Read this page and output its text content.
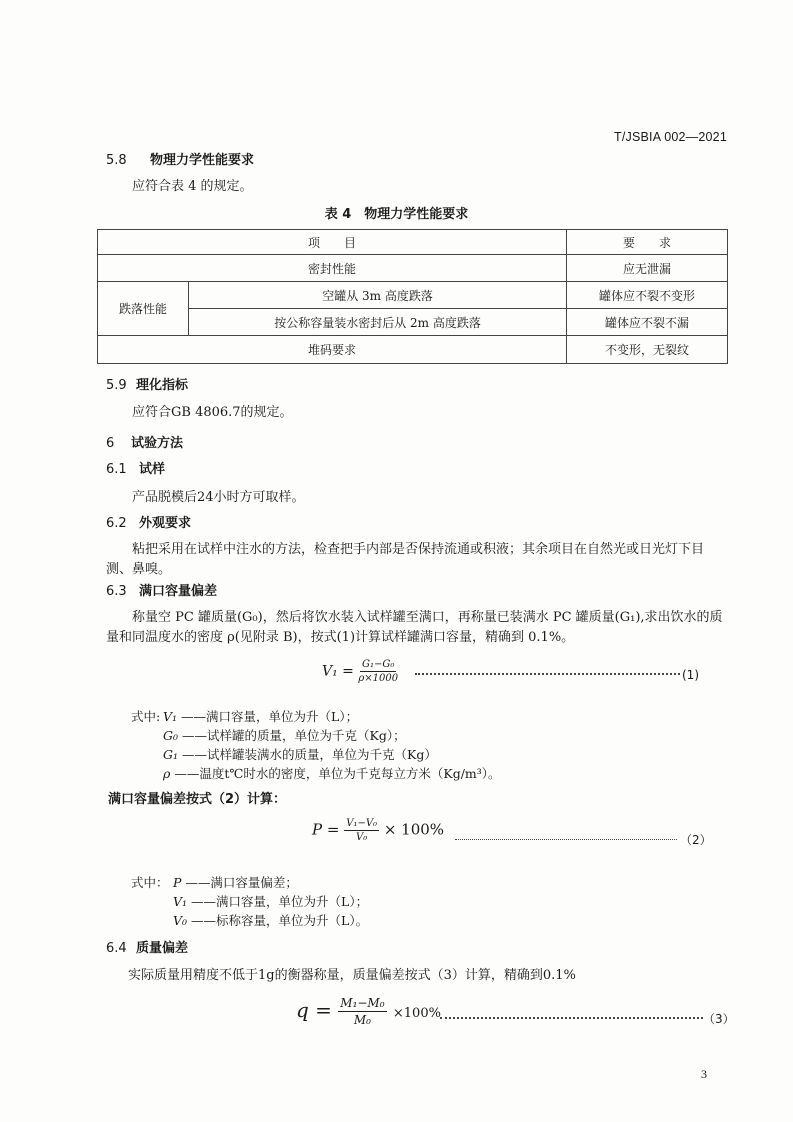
T/JSBIA 002—2021
5.8 物理力学性能要求
应符合表 4 的规定。
表 4　物理力学性能要求
项　　目		要　　求
密封性能		应无泄漏
跌落性能	空罐从 3m 高度跌落	罐体应不裂不变形
	按公称容量装水密封后从 2m 高度跌落	罐体应不裂不漏
堆码要求		不变形，无裂纹
5.9 理化指标
应符合GB 4806.7的规定。
6 试验方法
6.1 试样
产品脱模后24小时方可取样。
6.2 外观要求
粘把采用在试样中注水的方法，检查把手内部是否保持流通或积液；其余项目在自然光或日光灯下目测、鼻嗅。
6.3 满口容量偏差
称量空 PC 罐质量(G₀)，然后将饮水装入试样罐至满口，再称量已装满水 PC 罐质量(G₁),求出饮水的质量和同温度水的密度 ρ(见附录 B)，按式(1)计算试样罐满口容量，精确到 0.1%。
$V_1 = \frac{\text{G₁−G₀}}{\rho\times 1000}$	(1)
式中: V₁ ——满口容量，单位为升（L）；
G₀ ——试样罐的质量，单位为千克（Kg）；
G₁ ——试样罐装满水的质量，单位为千克（Kg）
ρ ——温度t℃时水的密度，单位为千克每立方米（Kg/m³）。
满口容量偏差按式（2）计算：
$P = \frac{\text{V₁−V₀}}{\text{V₀}} \times 100\%$
（2）
式中： P ——满口容量偏差；
V₁ ——满口容量，单位为升（L）；
V₀ ——标称容量，单位为升（L）。
6.4 质量偏差
实际质量用精度不低于1g的衡器称量，质量偏差按式（3）计算，精确到0.1%
$q = \frac{\text{M₁−M₀}}{\text{M₀}} \times 100\%$	（3）
3
